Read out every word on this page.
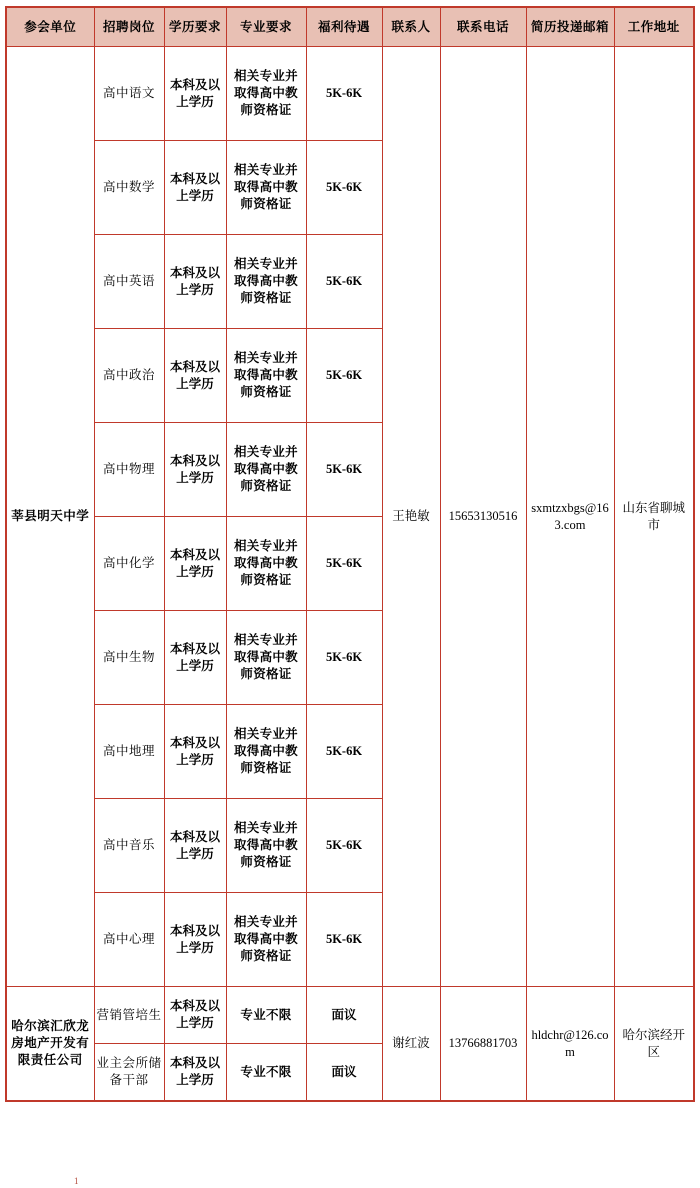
参会单位	招聘岗位	学历要求	专业要求	福利待遇	联系人	联系电话	简历投递邮箱	工作地址
莘县明天中学	高中语文	本科及以上学历	相关专业并取得高中教师资格证	5K-6K	王艳敏	15653130516	sxmtzxbgs@163.com	山东省聊城市
	高中数学	本科及以上学历	相关专业并取得高中教师资格证	5K-6K				
	高中英语	本科及以上学历	相关专业并取得高中教师资格证	5K-6K				
	高中政治	本科及以上学历	相关专业并取得高中教师资格证	5K-6K				
	高中物理	本科及以上学历	相关专业并取得高中教师资格证	5K-6K				
	高中化学	本科及以上学历	相关专业并取得高中教师资格证	5K-6K				
	高中生物	本科及以上学历	相关专业并取得高中教师资格证	5K-6K				
	高中地理	本科及以上学历	相关专业并取得高中教师资格证	5K-6K				
	高中音乐	本科及以上学历	相关专业并取得高中教师资格证	5K-6K				
	高中心理	本科及以上学历	相关专业并取得高中教师资格证	5K-6K				
哈尔滨汇欣龙房地产开发有限责任公司	营销管培生	本科及以上学历	专业不限	面议	谢红波	13766881703	hldchr@126.com	哈尔滨经开区
	业主会所储备干部	本科及以上学历	专业不限	面议				
1
